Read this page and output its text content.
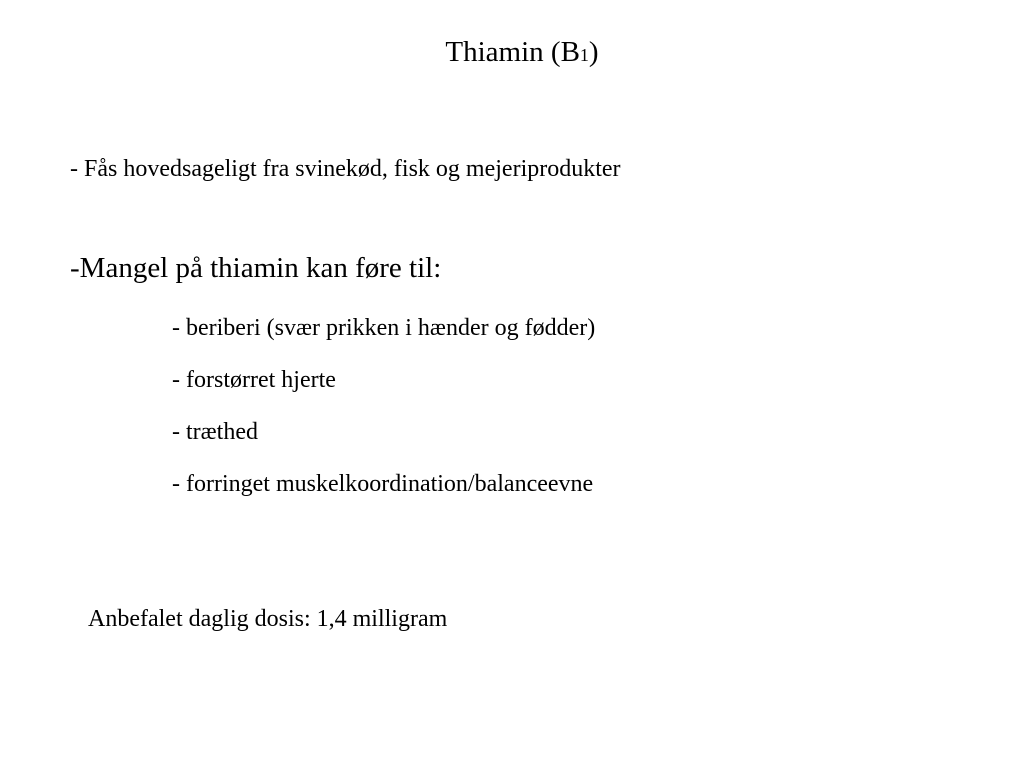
Thiamin (B1)
- Fås hovedsageligt fra svinekød, fisk og mejeriprodukter
-Mangel på thiamin kan føre til:
- beriberi (svær prikken i hænder og fødder)
- forstørret hjerte
- træthed
- forringet muskelkoordination/balanceevne
Anbefalet daglig dosis: 1,4 milligram
